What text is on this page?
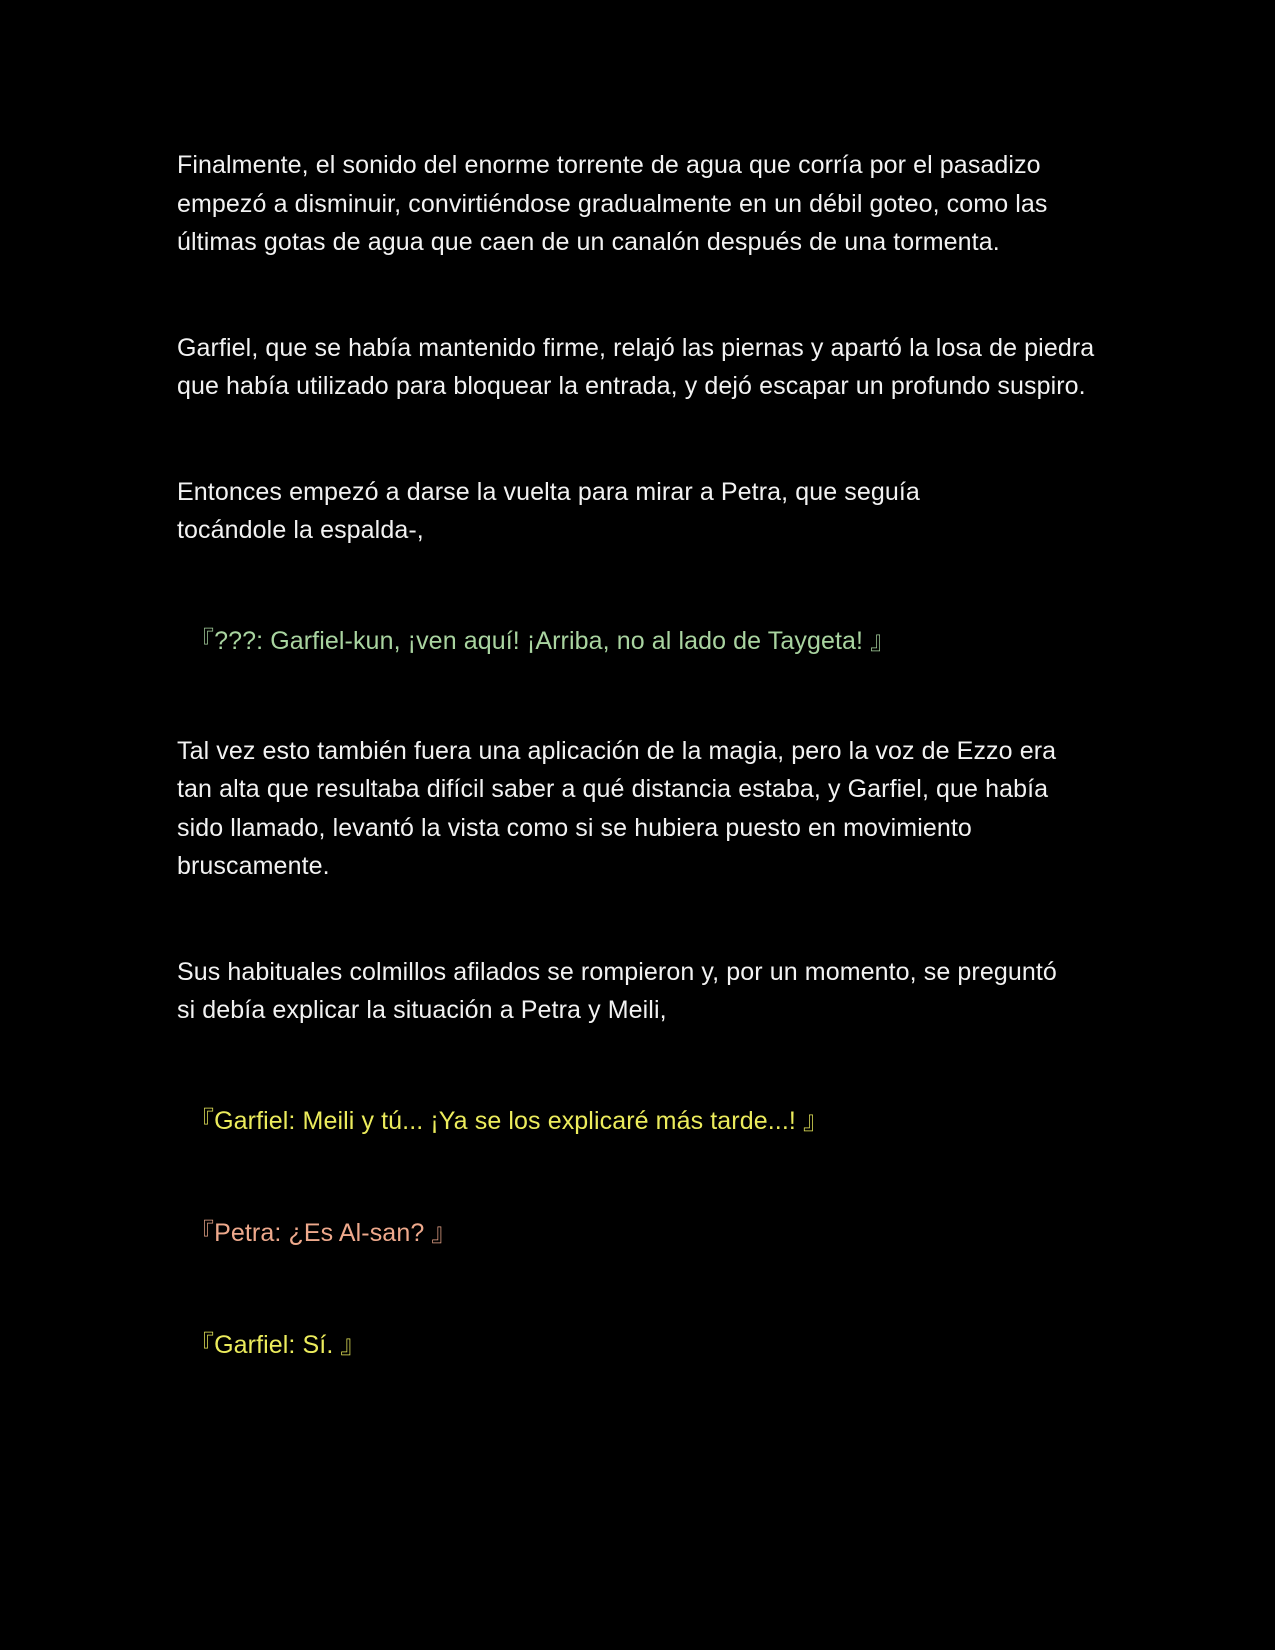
Finalmente, el sonido del enorme torrente de agua que corría por el pasadizo empezó a disminuir, convirtiéndose gradualmente en un débil goteo, como las últimas gotas de agua que caen de un canalón después de una tormenta.

Garfiel, que se había mantenido firme, relajó las piernas y apartó la losa de piedra que había utilizado para bloquear la entrada, y dejó escapar un profundo suspiro.

Entonces empezó a darse la vuelta para mirar a Petra, que seguía tocándole la espalda-,

『???: Garfiel-kun, ¡ven aquí! ¡Arriba, no al lado de Taygeta! 』

Tal vez esto también fuera una aplicación de la magia, pero la voz de Ezzo era tan alta que resultaba difícil saber a qué distancia estaba, y Garfiel, que había sido llamado, levantó la vista como si se hubiera puesto en movimiento bruscamente.

Sus habituales colmillos afilados se rompieron y, por un momento, se preguntó si debía explicar la situación a Petra y Meili,

『Garfiel: Meili y tú... ¡Ya se los explicaré más tarde...! 』

『Petra: ¿Es Al-san? 』

『Garfiel: Sí. 』
